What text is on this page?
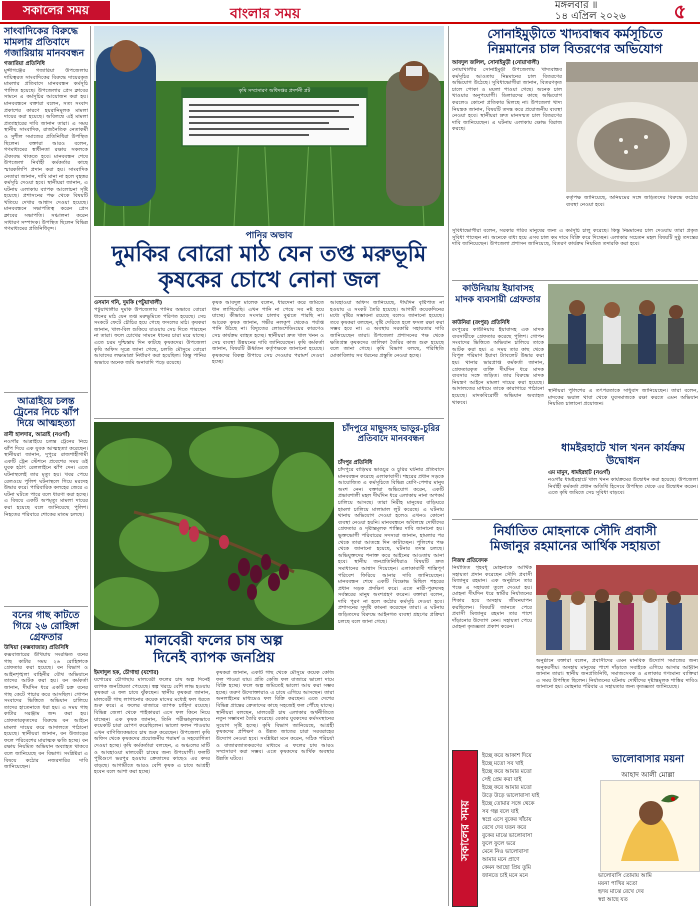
সকালের সময়	বাংলার সময়
মঙ্গলবার ॥
১৪ এপ্রিল ২০২৬	৫
সাংবাদিকের বিরুদ্ধে মামলার প্রতিবাদে গজারিয়ায় মানববন্ধন
গজারিয়া প্রতিনিধি

মুন্সীগঞ্জের গজারিয়া উপজেলায় দায়িত্বরত সাংবাদিকের বিরুদ্ধে দায়েরকৃত মামলার প্রতিবাদে মানববন্ধন কর্মসূচি পালিত হয়েছে। উপজেলার প্রেস ক্লাবের সামনে এ কর্মসূচির আয়োজন করা হয়। মানববন্ধনে বক্তারা বলেন, সত্য সংবাদ প্রকাশের কারণে হয়রানিমূলক মামলা দায়ের করা হয়েছে। অবিলম্বে এই মামলা প্রত্যাহারের দাবি জানান তারা। এ সময় স্থানীয় সাংবাদিক, রাজনৈতিক নেতাকর্মী ও সুশীল সমাজের প্রতিনিধিরা উপস্থিত ছিলেন। বক্তারা আরও বলেন, গণমাধ্যমের স্বাধীনতা রক্ষায় সকলকে ঐক্যবদ্ধ থাকতে হবে। মানববন্ধন শেষে উপজেলা নির্বাহী কর্মকর্তার কাছে স্মারকলিপি প্রদান করা হয়। সাংবাদিক নেতারা জানান, দাবি মানা না হলে বৃহত্তর কর্মসূচি দেওয়া হবে। স্থানীয়রা জানান, এ ঘটনায় এলাকায় ব্যাপক আলোচনা সৃষ্টি হয়েছে। প্রশাসনের পক্ষ থেকে বিষয়টি খতিয়ে দেখার আশ্বাস দেওয়া হয়েছে। মানববন্ধনে সভাপতিত্ব করেন প্রেস ক্লাবের সভাপতি। সঞ্চালনা করেন সাধারণ সম্পাদক। উপস্থিত ছিলেন বিভিন্ন গণমাধ্যমের প্রতিনিধিবৃন্দ।

আত্রাইয়ে চলন্ত ট্রেনের নিচে ঝাঁপ দিয়ে আত্মহত্যা
রানী হালদার, আত্রাই (নওগাঁ)

নওগাঁর আত্রাইয়ে চলন্ত ট্রেনের নিচে ঝাঁপ দিয়ে এক যুবক আত্মহত্যা করেছেন। স্থানীয়রা জানান, দুপুরে রাজশাহীগামী একটি ট্রেন স্টেশনে প্রবেশের সময় ওই যুবক হঠাৎ রেললাইনে ঝাঁপ দেন। এতে ঘটনাস্থলেই তার মৃত্যু হয়। খবর পেয়ে রেলওয়ে পুলিশ ঘটনাস্থলে গিয়ে মরদেহ উদ্ধার করে। পারিবারিক কলহের জেরে এ ঘটনা ঘটতে পারে বলে ধারণা করা হচ্ছে। এ বিষয়ে একটি অপমৃত্যু মামলা দায়ের করা হয়েছে বলে জানিয়েছে পুলিশ। নিহতের পরিবারে শোকের মাতম চলছে।

বনের গাছ কাটতে গিয়ে ২৬ রোহিঙ্গা গ্রেফতার
উখিয়া (কক্সবাজার) প্রতিনিধি

কক্সবাজারের উখিয়ায় সংরক্ষিত বনের গাছ কাটার সময় ২৬ রোহিঙ্গাকে গ্রেফতার করা হয়েছে। বন বিভাগ ও আইনশৃঙ্খলা বাহিনীর যৌথ অভিযানে তাদের আটক করা হয়। বন কর্মকর্তা জানান, দীর্ঘদিন ধরে একটি চক্র বনের গাছ কেটে পাচার করে আসছিল। গোপন সংবাদের ভিত্তিতে অভিযান চালিয়ে তাদের হাতেনাতে ধরা হয়। এ সময় গাছ কাটার সরঞ্জাম জব্দ করা হয়। গ্রেফতারকৃতদের বিরুদ্ধে বন আইনে মামলা দায়ের করে আদালতে পাঠানো হয়েছে। স্থানীয়রা জানান, বন উজাড়ের ফলে পরিবেশের মারাত্মক ক্ষতি হচ্ছে। বন রক্ষায় নিয়মিত অভিযান অব্যাহত থাকবে বলে জানিয়েছে বন বিভাগ। সংশ্লিষ্টরা এ বিষয়ে কঠোর নজরদারির দাবি জানিয়েছেন।

কৃষি সম্প্রসারণ অধিদপ্তর প্রদর্শনী প্লট
পানির অভাব
দুমকির বোরো মাঠ যেন তপ্ত মরুভূমি
কৃষকের চোখে নোনা জল
ওসমান গনি, দুমকি (পটুয়াখালী)

পটুয়াখালীর দুমকি উপজেলায় পানির অভাবে বোরো ধানের মাঠ যেন তপ্ত মরুভূমিতে পরিণত হয়েছে। সেচ সংকটে ফেটে চৌচির হয়ে গেছে ফসলের মাঠ। কৃষকরা জানান, খাল-বিল শুকিয়ে যাওয়ায় সেচ দিতে পারছেন না তারা। ফলে চোখের সামনে ধানের চারা মরে যাচ্ছে। এতে চরম দুশ্চিন্তায় দিন কাটছে কৃষকদের। উপজেলা কৃষি অফিস সূত্রে জানা গেছে, চলতি মৌসুমে বোরো আবাদের লক্ষ্যমাত্রা নির্ধারণ করা হয়েছিল। কিন্তু পানির অভাবে অনেক জমি অনাবাদি পড়ে রয়েছে।

কৃষক আবদুল মালেক বলেন, ধারদেনা করে জমিতে ধান লাগিয়েছি। এখন পানি না পেয়ে সব নষ্ট হয়ে যাচ্ছে। কীভাবে সংসার চালাব বুঝতে পারছি না। আরেক কৃষক জানান, গভীর নলকূপ থেকেও পর্যাপ্ত পানি উঠছে না। বিদ্যুতের লোডশেডিংয়ের কারণেও সেচ কার্যক্রম ব্যাহত হচ্ছে। স্থানীয়রা দ্রুত খাল খনন ও সেচ ব্যবস্থা উন্নয়নের দাবি জানিয়েছেন। কৃষি কর্মকর্তা জানান, বিষয়টি ঊর্ধ্বতন কর্তৃপক্ষকে জানানো হয়েছে। কৃষকদের বিকল্প উপায়ে সেচ দেওয়ার পরামর্শ দেওয়া হচ্ছে।

আবহাওয়া অফিস জানিয়েছে, দীর্ঘদিন বৃষ্টিপাত না হওয়ায় এ সংকট তৈরি হয়েছে। আগামী কয়েকদিনের মধ্যে বৃষ্টির সম্ভাবনা রয়েছে বলেও জানানো হয়েছে। তবে কৃষকরা বলছেন, বৃষ্টি দেরিতে হলে ফসল রক্ষা করা সম্ভব হবে না। এ অবস্থায় সরকারি সহায়তার দাবি জানিয়েছেন তারা। উপজেলা প্রশাসনের পক্ষ থেকে ক্ষতিগ্রস্ত কৃষকদের তালিকা তৈরির কাজ শুরু হয়েছে বলে জানা গেছে। কৃষি বিভাগ বলছে, পরিস্থিতি মোকাবিলায় সব ধরনের প্রস্তুতি নেওয়া হচ্ছে।

চাঁদপুরে মাছুদসহ ভাড়ুর-চুরির প্রতিবাদে মানববন্ধন
চাঁদপুর প্রতিনিধি

চাঁদপুরে বাড়িঘর ভাঙচুর ও চুরির ঘটনার প্রতিবাদে মানববন্ধন করেছে এলাকাবাসী। শহরের প্রধান সড়কে আয়োজিত এ কর্মসূচিতে বিভিন্ন শ্রেণি-পেশার মানুষ অংশ নেন। বক্তারা অভিযোগ করেন, একটি প্রভাবশালী মহল দীর্ঘদিন ধরে এলাকায় নানা অপকর্ম চালিয়ে আসছে। তারা নিরীহ মানুষের বাড়িঘরে হামলা চালিয়ে মালামাল লুট করেছে। এ ঘটনায় থানায় অভিযোগ দেওয়া হলেও এখনও কোনো ব্যবস্থা নেওয়া হয়নি। মানববন্ধনে অবিলম্বে দোষীদের গ্রেফতার ও দৃষ্টান্তমূলক শাস্তির দাবি জানানো হয়। ভুক্তভোগী পরিবারের সদস্যরা জানান, হামলার পর থেকে তারা আতঙ্কে দিন কাটাচ্ছেন। পুলিশের পক্ষ থেকে জানানো হয়েছে, ঘটনার তদন্ত চলছে। অভিযুক্তদের শনাক্ত করে আইনের আওতায় আনা হবে। স্থানীয় জনপ্রতিনিধিরাও বিষয়টি দ্রুত সমাধানের আশ্বাস দিয়েছেন। এলাকাবাসী শান্তিপূর্ণ পরিবেশ ফিরিয়ে আনার দাবি জানিয়েছেন। মানববন্ধন শেষে একটি বিক্ষোভ মিছিল শহরের প্রধান সড়ক প্রদক্ষিণ করে। এতে নারী-পুরুষসহ সর্বস্তরের মানুষ অংশগ্রহণ করেন। বক্তারা বলেন, দাবি পূরণ না হলে কঠোর কর্মসূচি দেওয়া হবে। প্রশাসনের সুদৃষ্টি কামনা করেছেন তারা। এ ঘটনায় জড়িতদের বিরুদ্ধে আইনগত ব্যবস্থা গ্রহণের প্রক্রিয়া চলছে বলে জানা গেছে।

মালবেরী ফলের চাষ অল্প
দিনেই ব্যাপক জনপ্রিয়
ইমদাদুল হক, চৌগাছা (যশোর)

যশোরের চৌগাছায় মালবেরী ফলের চাষ অল্প দিনেই ব্যাপক জনপ্রিয়তা পেয়েছে। স্বল্প খরচে বেশি লাভ হওয়ায় কৃষকরা এ ফল চাষে ঝুঁকছেন। স্থানীয় কৃষকরা জানান, মালবেরী গাছ লাগানোর কয়েক মাসের মধ্যেই ফল ধরতে শুরু করে। এ ফলের বাজারে ব্যাপক চাহিদা রয়েছে। বিভিন্ন জেলা থেকে পাইকাররা এসে ফল কিনে নিয়ে যাচ্ছেন। এক কৃষক জানান, তিনি পরীক্ষামূলকভাবে কয়েকটি চারা রোপণ করেছিলেন। ভালো ফলন পাওয়ায় এখন বাণিজ্যিকভাবে চাষ শুরু করেছেন। উপজেলা কৃষি অফিস থেকে কৃষকদের প্রয়োজনীয় পরামর্শ ও সহযোগিতা দেওয়া হচ্ছে। কৃষি কর্মকর্তারা বলছেন, এ অঞ্চলের মাটি ও আবহাওয়া মালবেরী চাষের জন্য উপযোগী। ফলটি পুষ্টিগুণে ভরপুর হওয়ায় ক্রেতাদের কাছেও এর কদর বাড়ছে। আগামীতে আরও বেশি কৃষক এ চাষে আগ্রহী হবেন বলে আশা করা হচ্ছে।

কৃষকরা জানান, একটি গাছ থেকে মৌসুমে কয়েক কেজি ফল পাওয়া যায়। প্রতি কেজি ফল বাজারে ভালো দামে বিক্রি হচ্ছে। ফলে অল্প জমিতেই ভালো আয় করা সম্ভব হচ্ছে। তরুণ উদ্যোক্তারাও এ চাষে এগিয়ে আসছেন। তারা অনলাইনের মাধ্যমেও ফল বিক্রি করছেন। এতে দেশের বিভিন্ন প্রান্তের ক্রেতাদের কাছে সহজেই ফল পৌঁছে যাচ্ছে। স্থানীয়রা বলছেন, মালবেরী চাষ এলাকার অর্থনীতিতে নতুন সম্ভাবনা তৈরি করেছে। বেকার যুবকদের কর্মসংস্থানের সুযোগ সৃষ্টি হচ্ছে। কৃষি বিভাগ জানিয়েছে, আগ্রহী কৃষকদের প্রশিক্ষণ ও উন্নত জাতের চারা সরবরাহের উদ্যোগ নেওয়া হবে। সংশ্লিষ্টরা মনে করেন, সঠিক পরিচর্যা ও বাজারজাতকরণের মাধ্যমে এ ফলের চাষ আরও সম্প্রসারণ করা সম্ভব। এতে কৃষকদের আর্থিক অবস্থার উন্নতি ঘটবে।

সোনাইমুড়ীতে খাদ্যবান্ধব কর্মসূচিতে
নিম্নমানের চাল বিতরণের অভিযোগ
আবদুল জলিল, সোনাইমুড়ী (নোয়াখালী)

নোয়াখালীর সোনাইমুড়ী উপজেলায় খাদ্যবান্ধব কর্মসূচির আওতায় নিম্নমানের চাল বিতরণের অভিযোগ উঠেছে। সুবিধাভোগীরা জানান, বিতরণকৃত চালে পোকা ও ময়লা পাওয়া গেছে। অনেক চাল খাওয়ার অনুপযোগী। ডিলারদের কাছে অভিযোগ করলেও কোনো প্রতিকার মিলছে না। উপজেলা খাদ্য নিয়ন্ত্রক জানান, বিষয়টি তদন্ত করে প্রয়োজনীয় ব্যবস্থা নেওয়া হবে। স্থানীয়রা দ্রুত মানসম্মত চাল বিতরণের দাবি জানিয়েছেন। এ ঘটনায় এলাকায় ক্ষোভ বিরাজ করছে।

কর্তৃপক্ষ জানিয়েছে, অনিয়মের সঙ্গে জড়িতদের বিরুদ্ধে কঠোর ব্যবস্থা নেওয়া হবে।

সুবিধাভোগীরা বলেন, সরকার গরিব মানুষের জন্য এ কর্মসূচি চালু করেছে। কিন্তু নিম্নমানের চাল দেওয়ায় তারা প্রকৃত সুবিধা পাচ্ছেন না। অনেকে বাধ্য হয়ে এসব চাল কম দামে বিক্রি করে দিচ্ছেন। এলাকার সচেতন মহল বিষয়টি সুষ্ঠু তদন্তের দাবি জানিয়েছেন। উপজেলা প্রশাসন জানিয়েছে, বিতরণ কার্যক্রম নিয়মিত তদারকি করা হবে।

কাউনিয়ায় ইয়াবাসহ মাদক ব্যবসায়ী গ্রেফতার
কাউনিয়া (রংপুর) প্রতিনিধি

রংপুরের কাউনিয়ায় ইয়াবাসহ এক মাদক ব্যবসায়ীকে গ্রেফতার করেছে পুলিশ। গোপন সংবাদের ভিত্তিতে অভিযান চালিয়ে তাকে আটক করা হয়। এ সময় তার কাছ থেকে বিপুল পরিমাণ ইয়াবা ট্যাবলেট উদ্ধার করা হয়। থানার ভারপ্রাপ্ত কর্মকর্তা জানান, গ্রেফতারকৃত ব্যক্তি দীর্ঘদিন ধরে মাদক ব্যবসার সঙ্গে জড়িত। তার বিরুদ্ধে মাদক নিয়ন্ত্রণ আইনে মামলা দায়ের করা হয়েছে। আদালতের মাধ্যমে তাকে কারাগারে পাঠানো হয়েছে। মাদকবিরোধী অভিযান অব্যাহত থাকবে।

স্থানীয়রা পুলিশের এ তৎপরতাকে সাধুবাদ জানিয়েছেন। তারা বলেন, মাদকের ভয়াল থাবা থেকে যুবসমাজকে রক্ষা করতে এমন অভিযান নিয়মিত চালানো প্রয়োজন।

ধামইরহাটে খাল খনন কার্যক্রম উদ্বোধন
এম মামুন, ধামইরহাট (নওগাঁ)

নওগাঁর ধামইরহাটে খাল খনন কার্যক্রমের উদ্বোধন করা হয়েছে। উপজেলা নির্বাহী কর্মকর্তা প্রধান অতিথি হিসেবে উপস্থিত থেকে এর উদ্বোধন করেন। এতে কৃষি জমিতে সেচ সুবিধা বাড়বে।

নির্যাতিত মোহনাকে সৌদি প্রবাসী
মিজানুর রহমানের আর্থিক সহায়তা
নিজস্ব প্রতিবেদক

নির্যাতিত গৃহবধূ মোহনাকে আর্থিক সহায়তা প্রদান করেছেন সৌদি প্রবাসী মিজানুর রহমান। এক অনুষ্ঠানে তার পক্ষে এ সহায়তা তুলে দেওয়া হয়। মোহনা দীর্ঘদিন ধরে স্বামীর নির্যাতনের শিকার হয়ে অসহায় জীবনযাপন করছিলেন। বিষয়টি জানতে পেরে প্রবাসী মিজানুর রহমান তার পাশে দাঁড়ানোর উদ্যোগ নেন। সহায়তা পেয়ে মোহনা কৃতজ্ঞতা প্রকাশ করেন।

অনুষ্ঠানে বক্তারা বলেন, প্রবাসীদের এমন মানবিক উদ্যোগ সমাজের জন্য অনুকরণীয়। অসহায় মানুষের পাশে দাঁড়াতে সবাইকে এগিয়ে আসার আহ্বান জানান তারা। স্থানীয় জনপ্রতিনিধি, সমাজসেবক ও এলাকার গণ্যমান্য ব্যক্তিরা এ সময় উপস্থিত ছিলেন। নির্যাতনের ঘটনায় দোষীদের দৃষ্টান্তমূলক শাস্তির দাবিও জানানো হয়। মোহনার পরিবার এ সহায়তার জন্য কৃতজ্ঞতা জানিয়েছে।

সকালের সময়

ইচ্ছে করে আকাশ দিয়ে
ইচ্ছে মতো সব খাই
ইচ্ছে করে আমার মতো
সেই প্রেম করা যাই
ইচ্ছে করে আমার মতো
উড়ে উড়ে ভালোবাসা যাই
ইচ্ছে তোমার সঙ্গে থেকে
সব গল্প বলে যাই
স্বপ্নে এসে বুকের খাঁচায়
রেখে দেব যতন করে
বুকের মাঝে ভালোবাসা
ফুলে ফুলে ভরে
মেনে নিও ভালোবাসা
আমার মনে প্রাণে
কেমন আছো প্রিয় তুমি
জানতে চাই মনে মনে

ভালোবাসার ময়না
আহাদ আলী মোল্লা

ভালোবাসি তোমায় আমি
ময়না পাখির মতো
হৃদয় মাঝে রেখে দেব
স্বপ্ন আছে যত
